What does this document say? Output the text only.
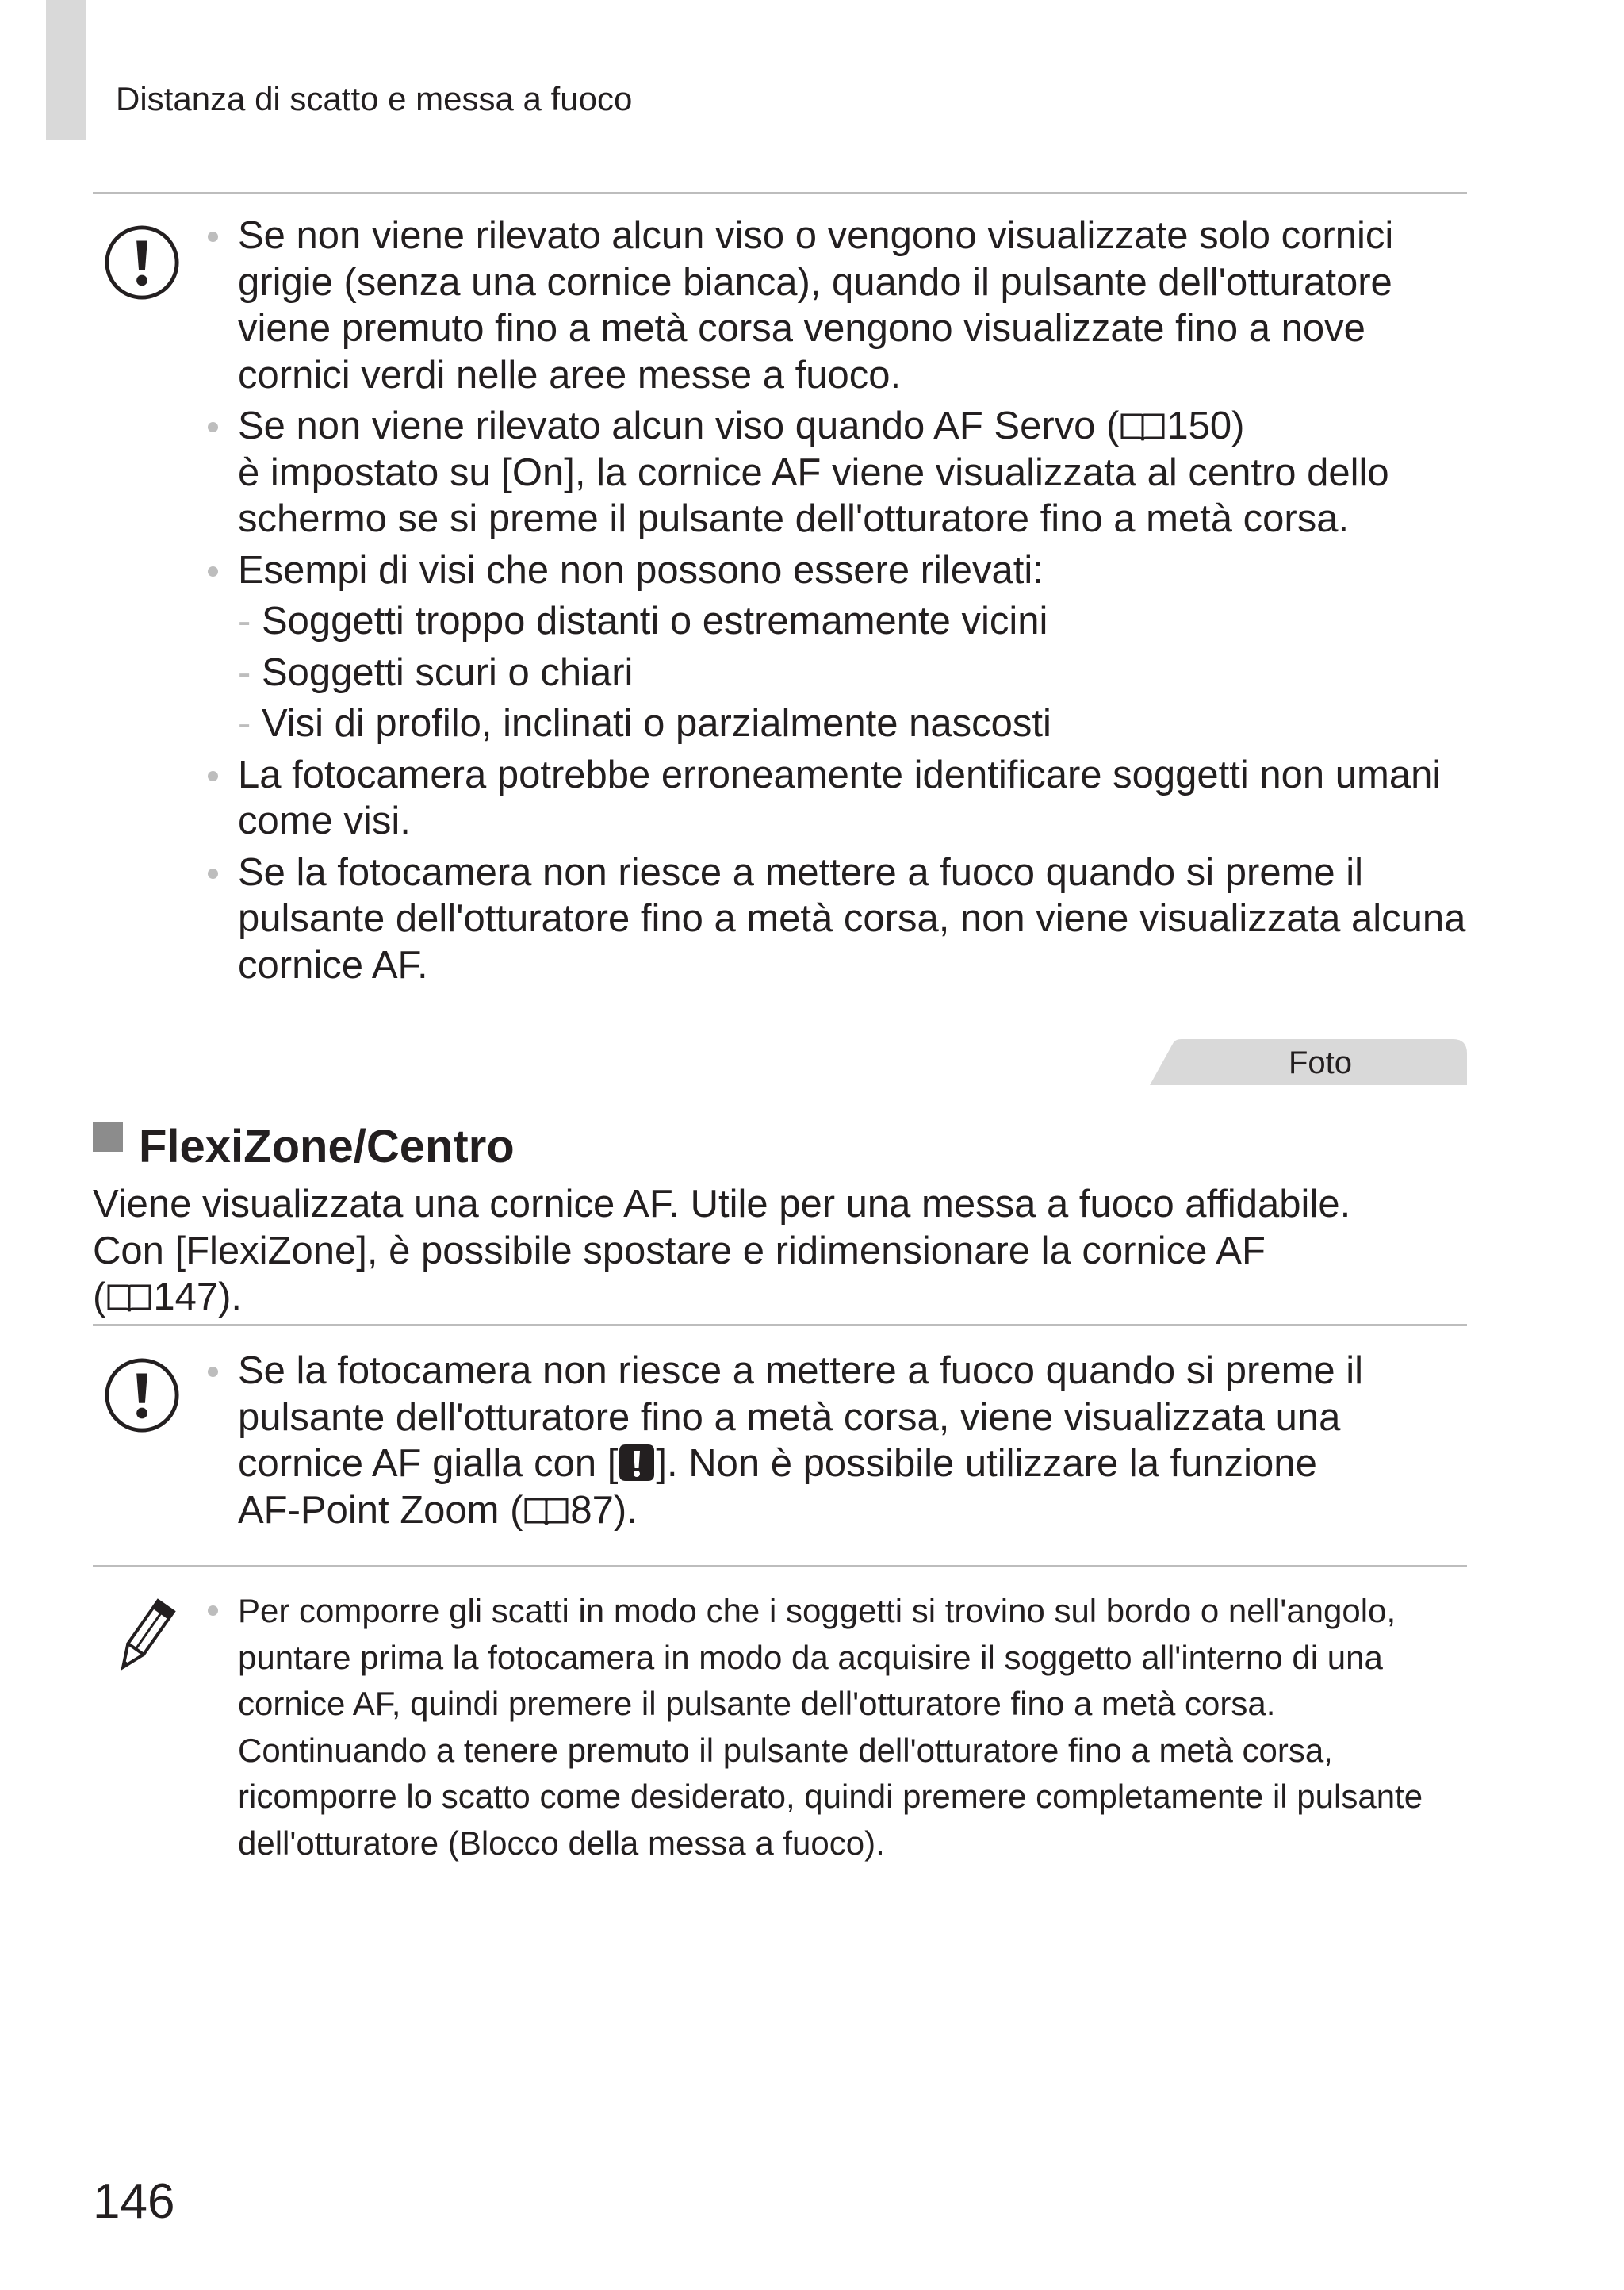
Distanza di scatto e messa a fuoco
Se non viene rilevato alcun viso o vengono visualizzate solo cornici grigie (senza una cornice bianca), quando il pulsante dell'otturatore viene premuto fino a metà corsa vengono visualizzate fino a nove cornici verdi nelle aree messe a fuoco.
Se non viene rilevato alcun viso quando AF Servo ( 150)
è impostato su [On], la cornice AF viene visualizzata al centro dello schermo se si preme il pulsante dell'otturatore fino a metà corsa.
Esempi di visi che non possono essere rilevati:
- Soggetti troppo distanti o estremamente vicini
- Soggetti scuri o chiari
- Visi di profilo, inclinati o parzialmente nascosti
La fotocamera potrebbe erroneamente identificare soggetti non umani come visi.
Se la fotocamera non riesce a mettere a fuoco quando si preme il pulsante dell'otturatore fino a metà corsa, non viene visualizzata alcuna cornice AF.
Foto
FlexiZone/Centro
Viene visualizzata una cornice AF. Utile per una messa a fuoco affidabile.
Con [FlexiZone], è possibile spostare e ridimensionare la cornice AF
( 147).
Se la fotocamera non riesce a mettere a fuoco quando si preme il pulsante dell'otturatore fino a metà corsa, viene visualizzata una cornice AF gialla con [ ]. Non è possibile utilizzare la funzione AF-Point Zoom ( 87).
Per comporre gli scatti in modo che i soggetti si trovino sul bordo o nell'angolo, puntare prima la fotocamera in modo da acquisire il soggetto all'interno di una cornice AF, quindi premere il pulsante dell'otturatore fino a metà corsa. Continuando a tenere premuto il pulsante dell'otturatore fino a metà corsa, ricomporre lo scatto come desiderato, quindi premere completamente il pulsante dell'otturatore (Blocco della messa a fuoco).
146
